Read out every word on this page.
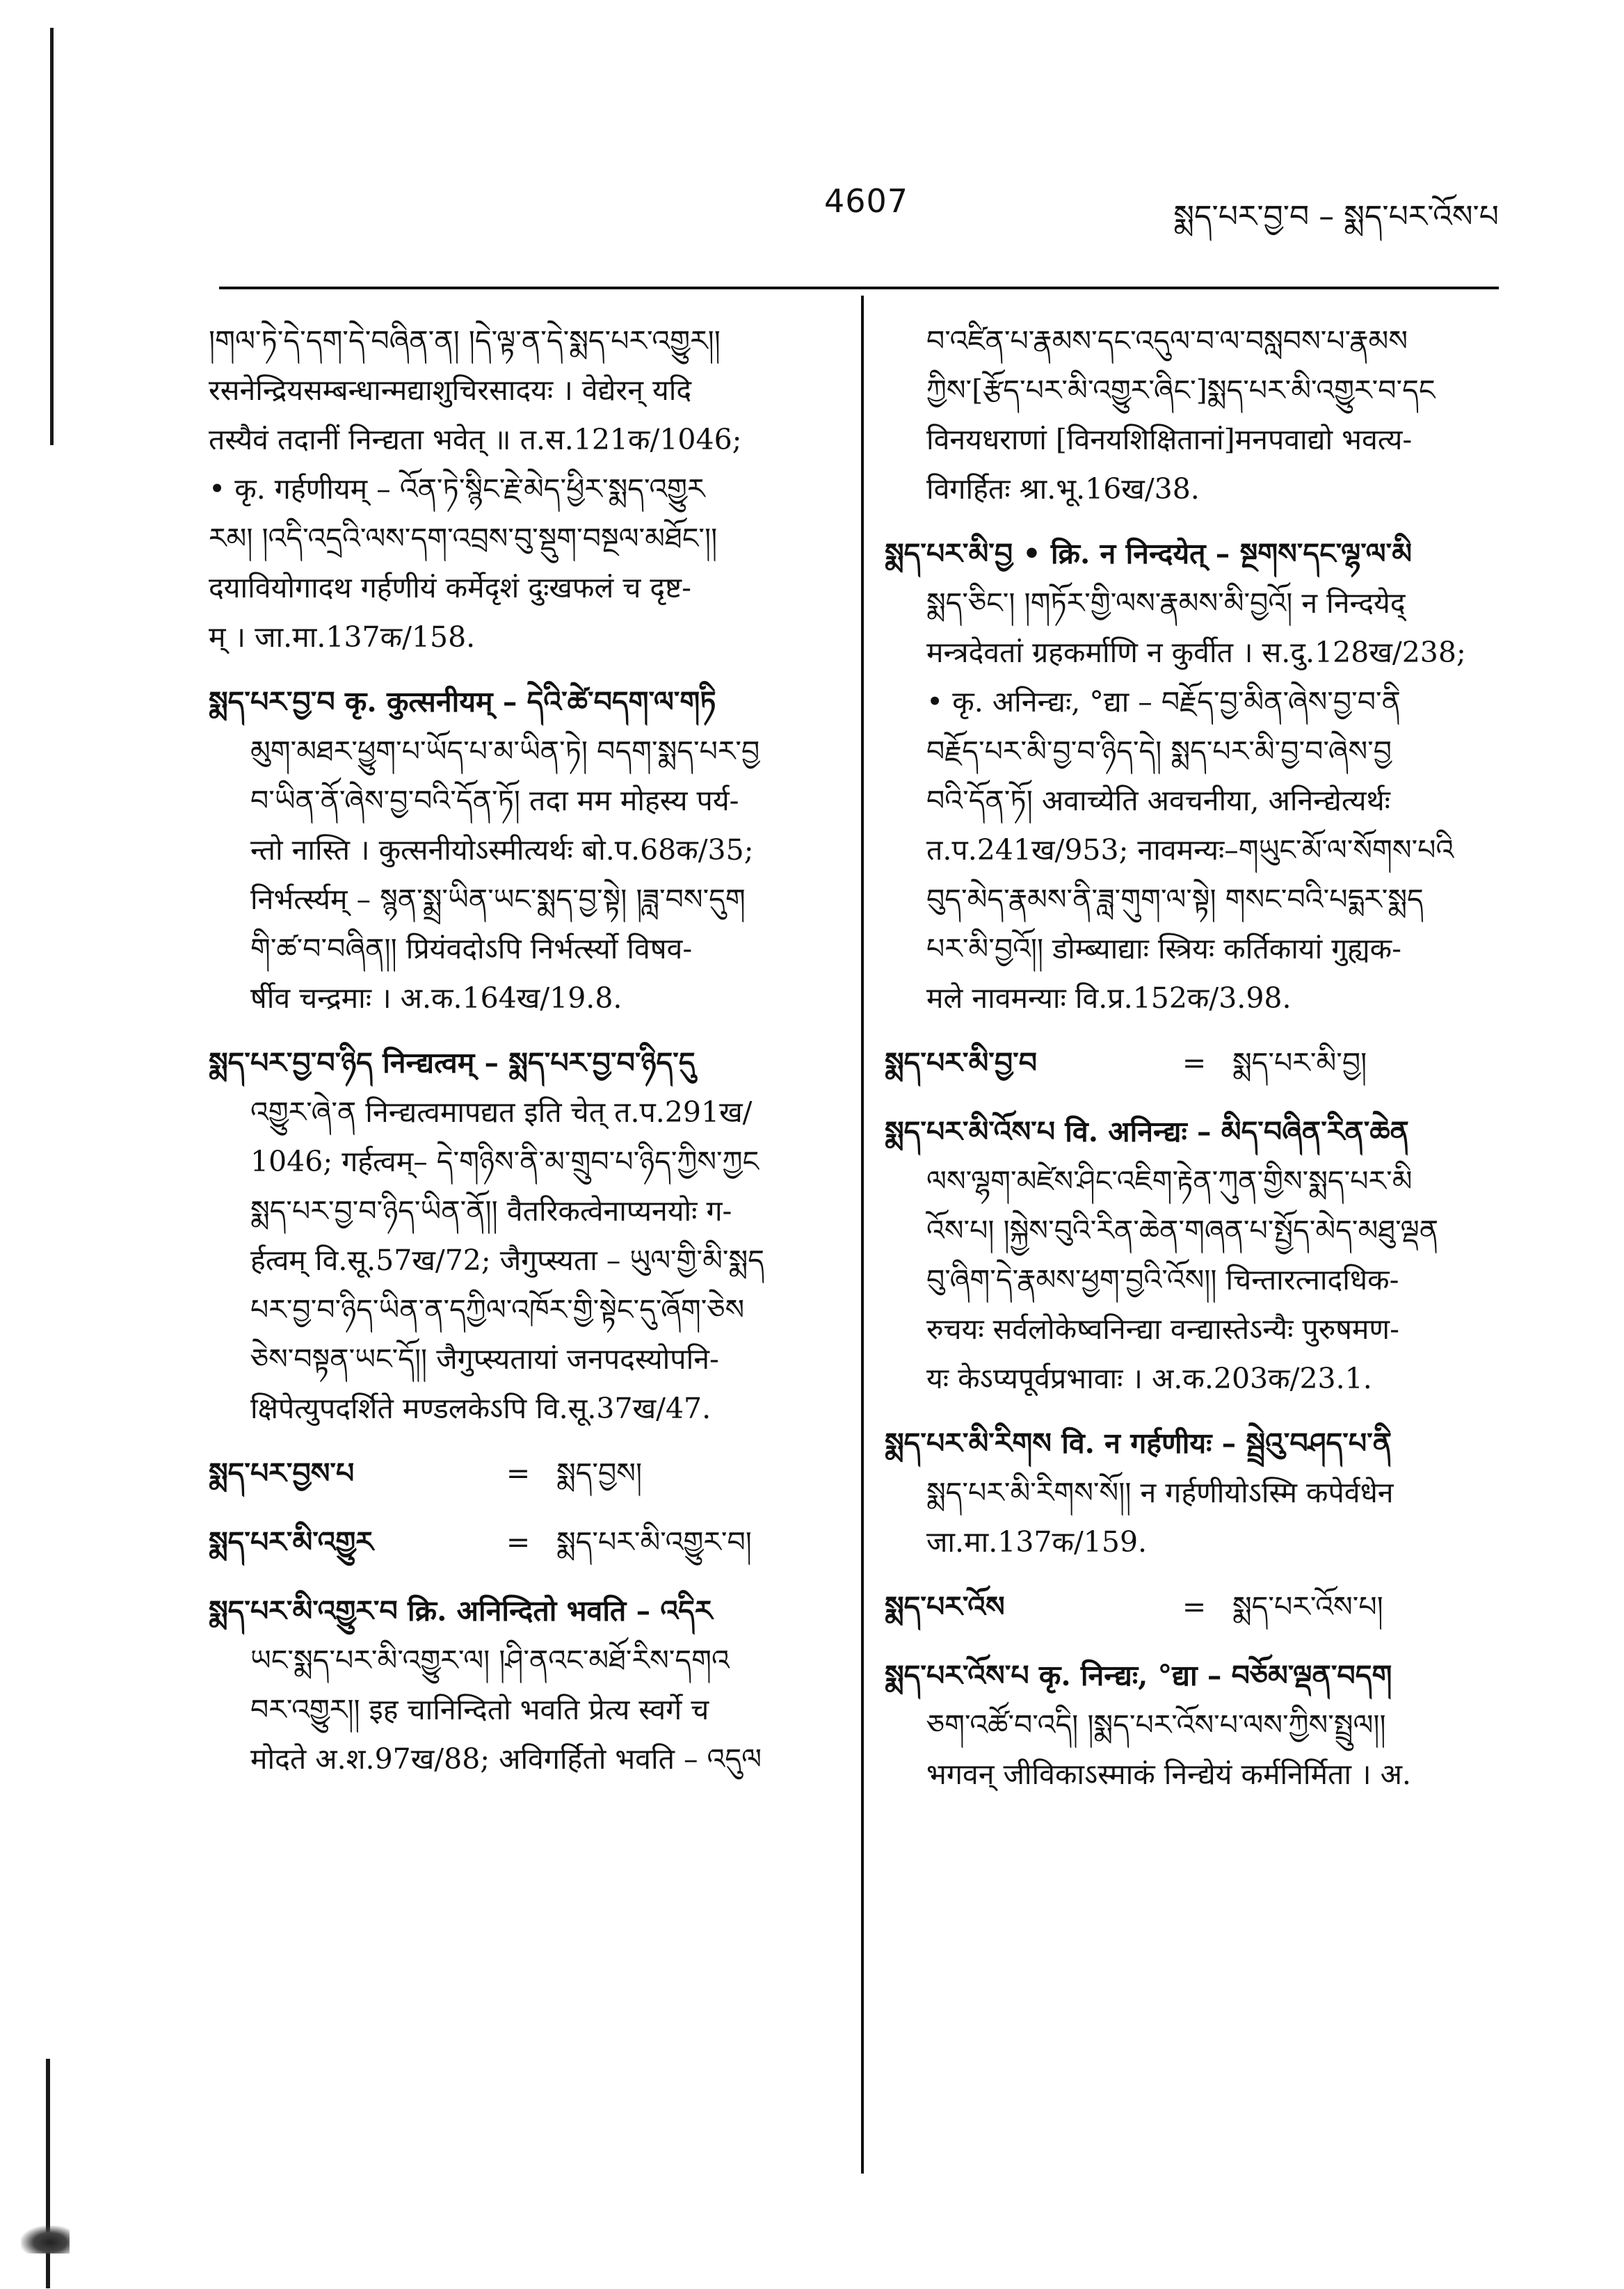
4607	སྨད་པར་བྱ་བ – སྨད་པར་འོས་པ

།གལ་ཏེ་དེ་དག་དེ་བཞིན་ན། །དེ་ལྟ་ན་དེ་སྨད་པར་འགྱུར།།

रसनेन्द्रियसम्बन्धान्मद्याशुचिरसादयः । वेद्येरन् यदि

तस्यैवं तदानीं निन्द्यता भवेत् ॥ त.स.121क/1046;

• कृ. गर्हणीयम् – འོན་ཏེ་སྙིང་རྗེ་མེད་ཕྱིར་སྨད་འགྱུར

རམ། །འདི་འདྲའི་ལས་དག་འབྲས་བུ་སྡུག་བསྔལ་མཐོང་།།

दयावियोगादथ गर्हणीयं कर्मेदृशं दुःखफलं च दृष्ट-

म् । जा.मा.137क/158.

སྨད་པར་བྱ་བ कृ. कुत्सनीयम् – དེའི་ཚེ་བདག་ལ་གཏི

མུག་མཐར་ཕྱུག་པ་ཡོད་པ་མ་ཡིན་ཏེ། བདག་སྨད་པར་བྱ

བ་ཡིན་ནོ་ཞེས་བྱ་བའི་དོན་ཏོ། तदा मम मोहस्य पर्य-

न्तो नास्ति । कुत्सनीयोऽस्मीत्यर्थः बो.प.68क/35;

निर्भर्त्स्यम् – སྙན་སྨྲ་ཡིན་ཡང་སྨད་བྱ་སྟེ། །ཟླ་བས་དུག

གི་ཚ་བ་བཞིན།། प्रियंवदोऽपि निर्भर्त्स्यो विषव-

र्षीव चन्द्रमाः । अ.क.164ख/19.8.

སྨད་པར་བྱ་བ་ཉིད निन्द्यत्वम् – སྨད་པར་བྱ་བ་ཉིད་དུ

འགྱུར་ཞེ་ན निन्द्यत्वमापद्यत इति चेत् त.प.291ख/

1046; गर्हत्वम्– དེ་གཉིས་ནི་མ་གྲུབ་པ་ཉིད་ཀྱིས་ཀྱང

སྨད་པར་བྱ་བ་ཉིད་ཡིན་ནོ།། वैतरिकत्वेनाप्यनयोः ग-

र्हत्वम् वि.सू.57ख/72; जैगुप्स्यता – ཡུལ་གྱི་མི་སྨད

པར་བྱ་བ་ཉིད་ཡིན་ན་དཀྱིལ་འཁོར་གྱི་སྟེང་དུ་ཞོག་ཅེས

ཅེས་བསྟན་ཡང་དོ།། जैगुप्स्यतायां जनपदस्योपनि-

क्षिपेत्युपदर्शिते मण्डलकेऽपि वि.सू.37ख/47.

སྨད་པར་བྱས་པ	= སྨད་བྱས།
སྨད་པར་མི་འགྱུར	= སྨད་པར་མི་འགྱུར་བ།

སྨད་པར་མི་འགྱུར་བ क्रि. अनिन्दितो भवति – འདིར

ཡང་སྨད་པར་མི་འགྱུར་ལ། །ཤི་ནའང་མཐོ་རིས་དགའ

བར་འགྱུར།། इह चानिन्दितो भवति प्रेत्य स्वर्गे च

मोदते अ.श.97ख/88; अविगर्हितो भवति – འདུལ

བ་འཛིན་པ་རྣམས་དང་འདུལ་བ་ལ་བསླབས་པ་རྣམས

ཀྱིས་[རྩོད་པར་མི་འགྱུར་ཞིང་]སྨད་པར་མི་འགྱུར་བ་དང

विनयधराणां [विनयशिक्षितानां]मनपवाद्यो भवत्य-

विगर्हितः श्रा.भू.16ख/38.

སྨད་པར་མི་བྱ • क्रि. न निन्दयेत् – སྔགས་དང་ལྷ་ལ་མི

སྨད་ཅིང་། །གཏོར་གྱི་ལས་རྣམས་མི་བྱའོ། न निन्दयेद्

मन्त्रदेवतां ग्रहकर्माणि न कुर्वीत । स.दु.128ख/238;

• कृ. अनिन्द्यः, °द्या – བརྗོད་བྱ་མིན་ཞེས་བྱ་བ་ནི

བརྗོད་པར་མི་བྱ་བ་ཉིད་དེ། སྨད་པར་མི་བྱ་བ་ཞེས་བྱ

བའི་དོན་ཏོ། अवाच्येति अवचनीया, अनिन्द्येत्यर्थः

त.प.241ख/953; नावमन्यः–གཡུང་མོ་ལ་སོགས་པའི

བུད་མེད་རྣམས་ནི་ཟླ་གུག་ལ་སྟེ། གསང་བའི་པདྨར་སྨད

པར་མི་བྱའོ།། डोम्ब्याद्याः स्त्रियः कर्तिकायां गुह्यक-

मले नावमन्याः वि.प्र.152क/3.98.

སྨད་པར་མི་བྱ་བ	= སྨད་པར་མི་བྱ།

སྨད་པར་མི་འོས་པ वि. अनिन्द्यः – མིད་བཞིན་རིན་ཆེན

ལས་ལྷག་མཛེས་ཤིང་འཇིག་རྟེན་ཀུན་གྱིས་སྨད་པར་མི

འོས་པ། །སྐྱེས་བུའི་རིན་ཆེན་གཞན་པ་སྤྱོད་མེད་མཐུ་ལྡན

བུ་ཞིག་དེ་རྣམས་ཕྱག་བྱའི་འོས།། चिन्तारत्नादधिक-

रुचयः सर्वलोकेष्वनिन्द्या वन्द्यास्तेऽन्यैः पुरुषमण-

यः केऽप्यपूर्वप्रभावाः । अ.क.203क/23.1.

སྨད་པར་མི་རིགས वि. न गर्हणीयः – སྦྲེའུ་བཤད་པ་ནི

སྨད་པར་མི་རིགས་སོ།། न गर्हणीयोऽस्मि कपेर्वधेन

जा.मा.137क/159.

སྨད་པར་འོས	= སྨད་པར་འོས་པ།

སྨད་པར་འོས་པ कृ. निन्द्यः, °द्या – བཅོམ་ལྡན་བདག

ཅག་འཚོ་བ་འདི། །སྨད་པར་འོས་པ་ལས་ཀྱིས་སྤྲུལ།།

भगवन् जीविकाऽस्माकं निन्द्येयं कर्मनिर्मिता । अ.
